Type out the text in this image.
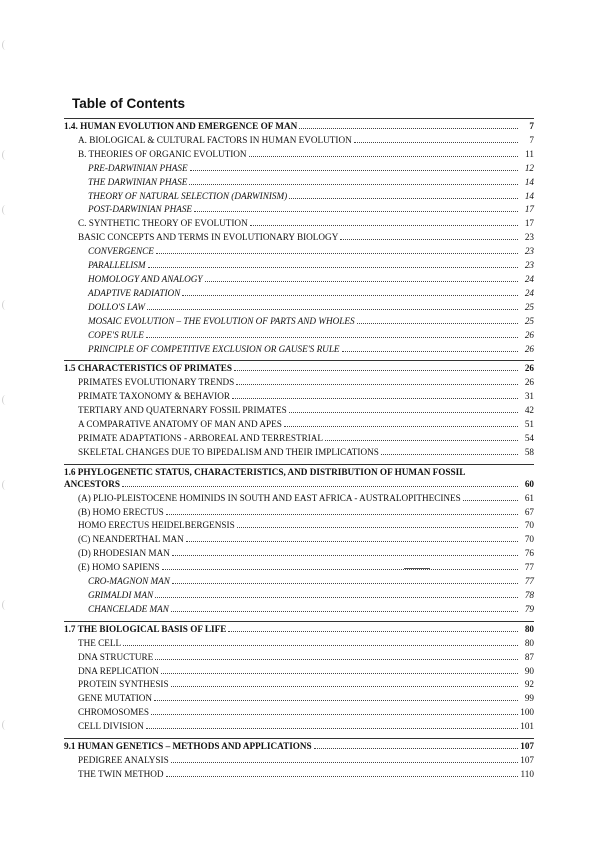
Table of Contents
1.4. HUMAN EVOLUTION AND EMERGENCE OF MAN	7
A. BIOLOGICAL & CULTURAL FACTORS IN HUMAN EVOLUTION	7
B. THEORIES OF ORGANIC EVOLUTION	11
PRE-DARWINIAN PHASE	12
THE DARWINIAN PHASE	14
THEORY OF NATURAL SELECTION (DARWINISM)	14
POST-DARWINIAN PHASE	17
C. SYNTHETIC THEORY OF EVOLUTION	17
BASIC CONCEPTS AND TERMS IN EVOLUTIONARY BIOLOGY	23
CONVERGENCE	23
PARALLELISM	23
HOMOLOGY AND ANALOGY	24
ADAPTIVE RADIATION	24
DOLLO'S LAW	25
MOSAIC EVOLUTION – THE EVOLUTION OF PARTS AND WHOLES	25
COPE'S RULE	26
PRINCIPLE OF COMPETITIVE EXCLUSION OR GAUSE'S RULE	26
1.5 CHARACTERISTICS OF PRIMATES	26
PRIMATES EVOLUTIONARY TRENDS	26
PRIMATE TAXONOMY & BEHAVIOR	31
TERTIARY AND QUATERNARY FOSSIL PRIMATES	42
A COMPARATIVE ANATOMY OF MAN AND APES	51
PRIMATE ADAPTATIONS - ARBOREAL AND TERRESTRIAL	54
SKELETAL CHANGES DUE TO BIPEDALISM AND THEIR IMPLICATIONS	58
1.6 PHYLOGENETIC STATUS, CHARACTERISTICS, AND DISTRIBUTION OF HUMAN FOSSIL
ANCESTORS	60
(A) PLIO-PLEISTOCENE HOMINIDS IN SOUTH AND EAST AFRICA - AUSTRALOPITHECINES	61
(B) HOMO ERECTUS	67
HOMO ERECTUS HEIDELBERGENSIS	70
(C) NEANDERTHAL MAN	70
(D) RHODESIAN MAN	76
(E) HOMO SAPIENS	77
CRO-MAGNON MAN	77
GRIMALDI MAN	78
CHANCELADE MAN	79
1.7 THE BIOLOGICAL BASIS OF LIFE	80
THE CELL	80
DNA STRUCTURE	87
DNA REPLICATION	90
PROTEIN SYNTHESIS	92
GENE MUTATION	99
CHROMOSOMES	100
CELL DIVISION	101
9.1 HUMAN GENETICS – METHODS AND APPLICATIONS	107
PEDIGREE ANALYSIS	107
THE TWIN METHOD	110
